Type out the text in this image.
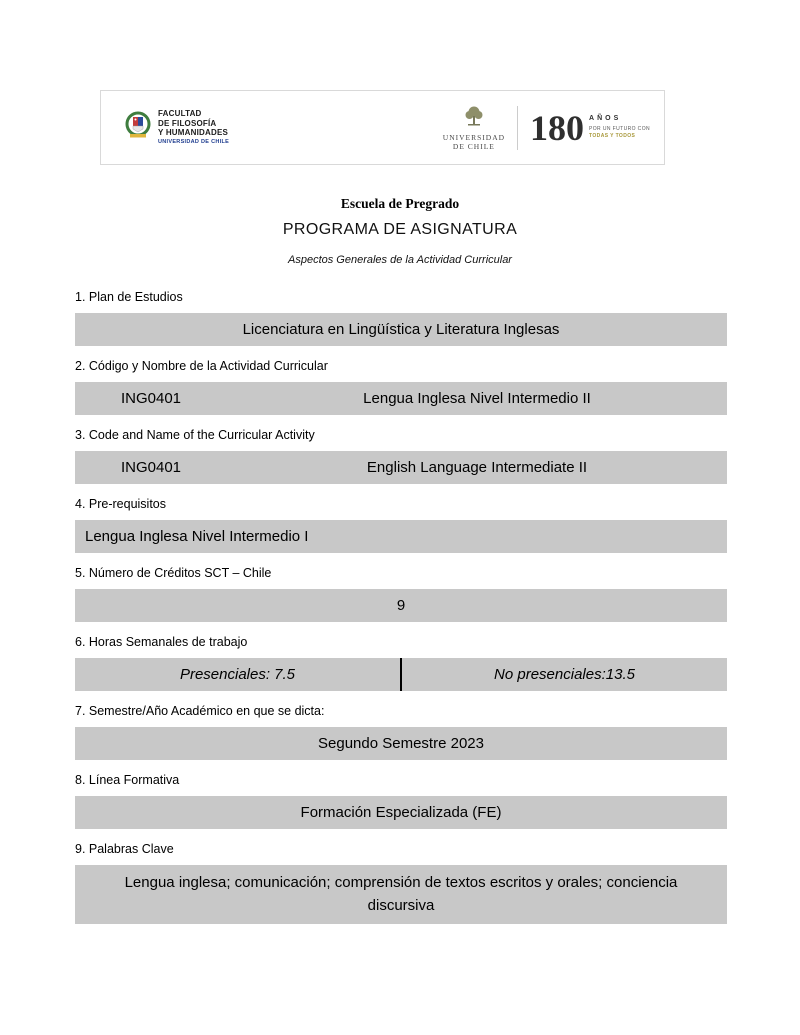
FACULTAD
DE FILOSOFÍA
Y HUMANIDADES
UNIVERSIDAD DE CHILE
UNIVERSIDAD
DE CHILE 180 AÑOS
POR UN FUTURO CON
TODAS Y TODOS
Escuela de Pregrado
PROGRAMA DE ASIGNATURA
Aspectos Generales de la Actividad Curricular
1. Plan de Estudios
Licenciatura en Lingüística y Literatura Inglesas
2. Código y Nombre de la Actividad Curricular
ING0401	Lengua Inglesa Nivel Intermedio II
3. Code and Name of the Curricular Activity
ING0401	English Language Intermediate II
4. Pre-requisitos
Lengua Inglesa Nivel Intermedio I
5. Número de Créditos SCT – Chile
9
6. Horas Semanales de trabajo
Presenciales: 7.5	No presenciales:13.5
7. Semestre/Año Académico en que se dicta:
Segundo Semestre 2023
8. Línea Formativa
Formación Especializada (FE)
9. Palabras Clave
Lengua inglesa; comunicación; comprensión de textos escritos y orales; conciencia discursiva
